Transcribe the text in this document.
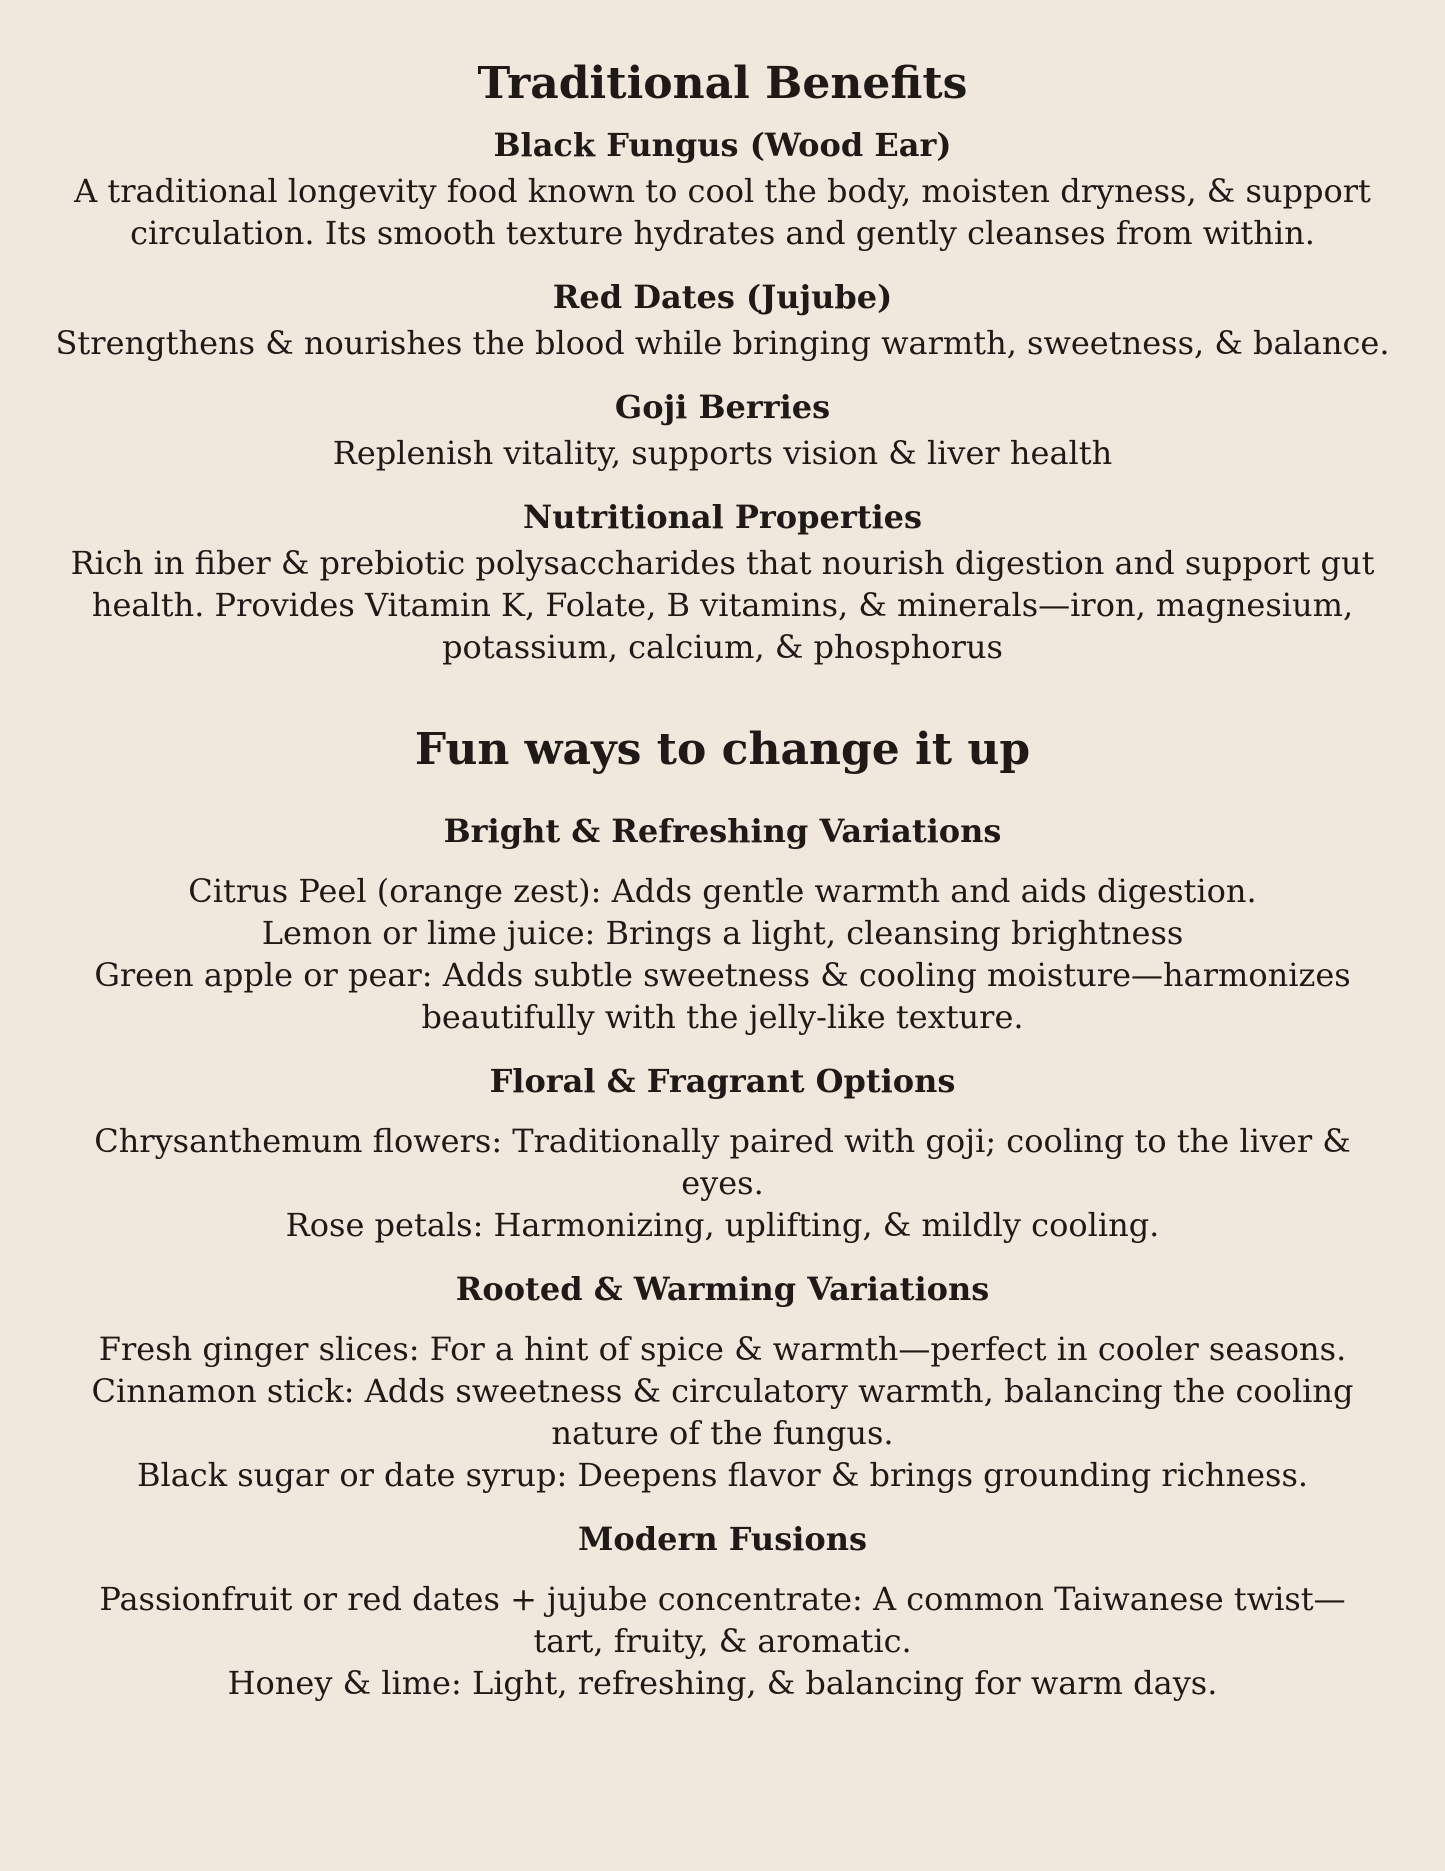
Traditional Benefits
Black Fungus (Wood Ear)

A traditional longevity food known to cool the body, moisten dryness, & support
circulation. Its smooth texture hydrates and gently cleanses from within.

Red Dates (Jujube)

Strengthens & nourishes the blood while bringing warmth, sweetness, & balance.

Goji Berries

Replenish vitality, supports vision & liver health

Nutritional Properties

Rich in fiber & prebiotic polysaccharides that nourish digestion and support gut
health. Provides Vitamin K, Folate, B vitamins, & minerals—iron, magnesium,
potassium, calcium, & phosphorus

Fun ways to change it up
Bright & Refreshing Variations

Citrus Peel (orange zest): Adds gentle warmth and aids digestion.
Lemon or lime juice: Brings a light, cleansing brightness
Green apple or pear: Adds subtle sweetness & cooling moisture—harmonizes
beautifully with the jelly-like texture.

Floral & Fragrant Options

Chrysanthemum flowers: Traditionally paired with goji; cooling to the liver &
eyes.
Rose petals: Harmonizing, uplifting, & mildly cooling.

Rooted & Warming Variations

Fresh ginger slices: For a hint of spice & warmth—perfect in cooler seasons.
Cinnamon stick: Adds sweetness & circulatory warmth, balancing the cooling
nature of the fungus.
Black sugar or date syrup: Deepens flavor & brings grounding richness.

Modern Fusions

Passionfruit or red dates + jujube concentrate: A common Taiwanese twist—
tart, fruity, & aromatic.
Honey & lime: Light, refreshing, & balancing for warm days.
